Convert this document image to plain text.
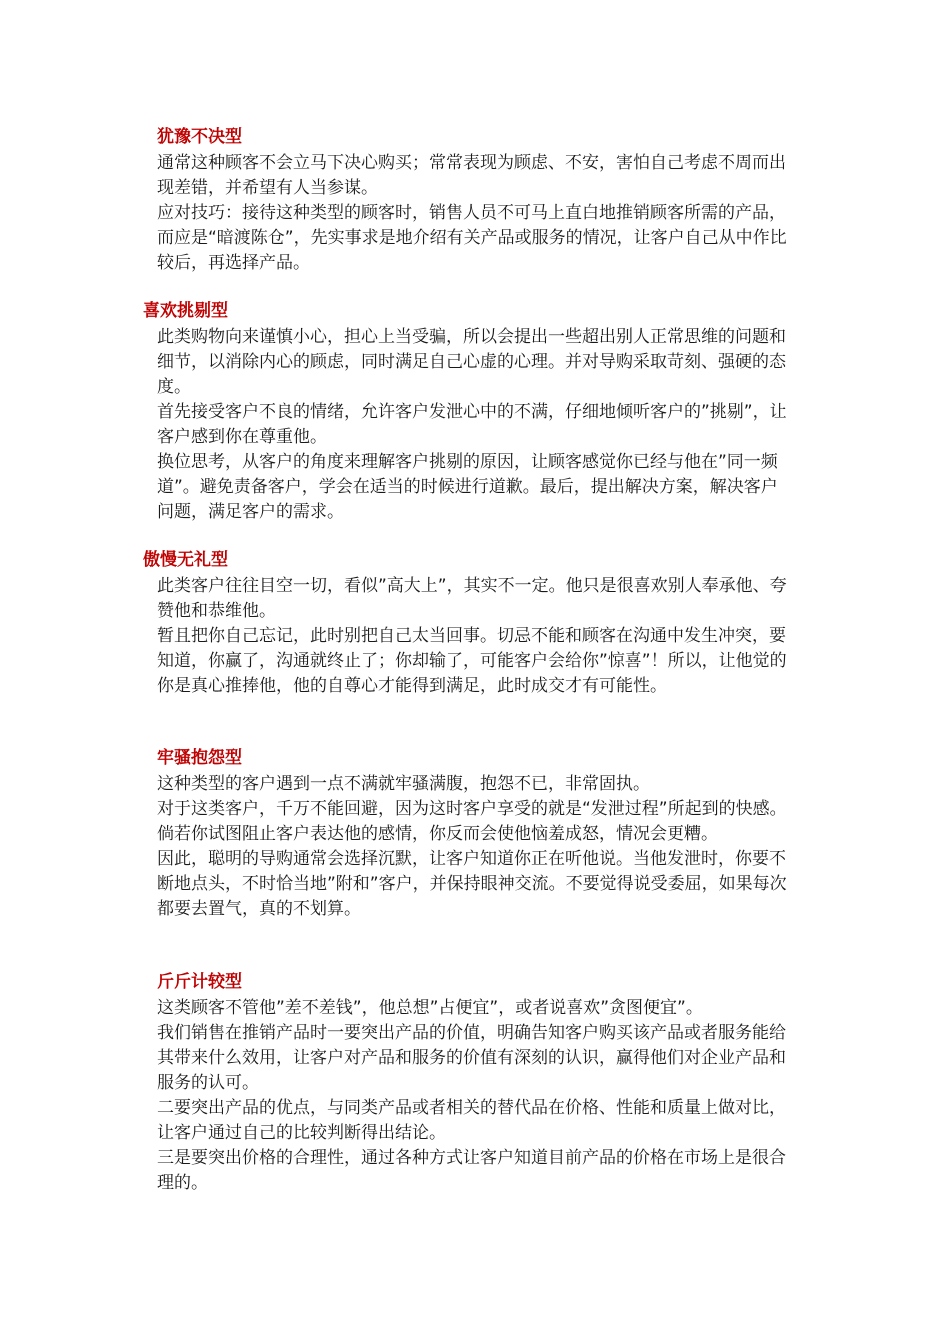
犹豫不决型

通常这种顾客不会立马下决心购买；常常表现为顾虑、不安，害怕自己考虑不周而出现差错，并希望有人当参谋。

应对技巧：接待这种类型的顾客时，销售人员不可马上直白地推销顾客所需的产品，而应是“暗渡陈仓”，先实事求是地介绍有关产品或服务的情况，让客户自己从中作比较后，再选择产品。

喜欢挑剔型

此类购物向来谨慎小心，担心上当受骗，所以会提出一些超出别人正常思维的问题和细节，以消除内心的顾虑，同时满足自己心虚的心理。并对导购采取苛刻、强硬的态度。

首先接受客户不良的情绪，允许客户发泄心中的不满，仔细地倾听客户的”挑剔”，让客户感到你在尊重他。

换位思考，从客户的角度来理解客户挑剔的原因，让顾客感觉你已经与他在”同一频道”。避免责备客户，学会在适当的时候进行道歉。最后，提出解决方案，解决客户问题，满足客户的需求。

傲慢无礼型

此类客户往往目空一切，看似”高大上”，其实不一定。他只是很喜欢别人奉承他、夸赞他和恭维他。

暂且把你自己忘记，此时别把自己太当回事。切忌不能和顾客在沟通中发生冲突，要知道，你赢了，沟通就终止了；你却输了，可能客户会给你”惊喜”！所以，让他觉的你是真心推捧他，他的自尊心才能得到满足，此时成交才有可能性。

牢骚抱怨型

这种类型的客户遇到一点不满就牢骚满腹，抱怨不已，非常固执。

对于这类客户，千万不能回避，因为这时客户享受的就是“发泄过程”所起到的快感。倘若你试图阻止客户表达他的感情，你反而会使他恼羞成怒，情况会更糟。

因此，聪明的导购通常会选择沉默，让客户知道你正在听他说。当他发泄时，你要不断地点头，不时恰当地”附和”客户，并保持眼神交流。不要觉得说受委屈，如果每次都要去置气，真的不划算。

斤斤计较型

这类顾客不管他”差不差钱”，他总想”占便宜”，或者说喜欢”贪图便宜”。

我们销售在推销产品时一要突出产品的价值，明确告知客户购买该产品或者服务能给其带来什么效用，让客户对产品和服务的价值有深刻的认识，赢得他们对企业产品和服务的认可。

二要突出产品的优点，与同类产品或者相关的替代品在价格、性能和质量上做对比，让客户通过自己的比较判断得出结论。

三是要突出价格的合理性，通过各种方式让客户知道目前产品的价格在市场上是很合理的。
